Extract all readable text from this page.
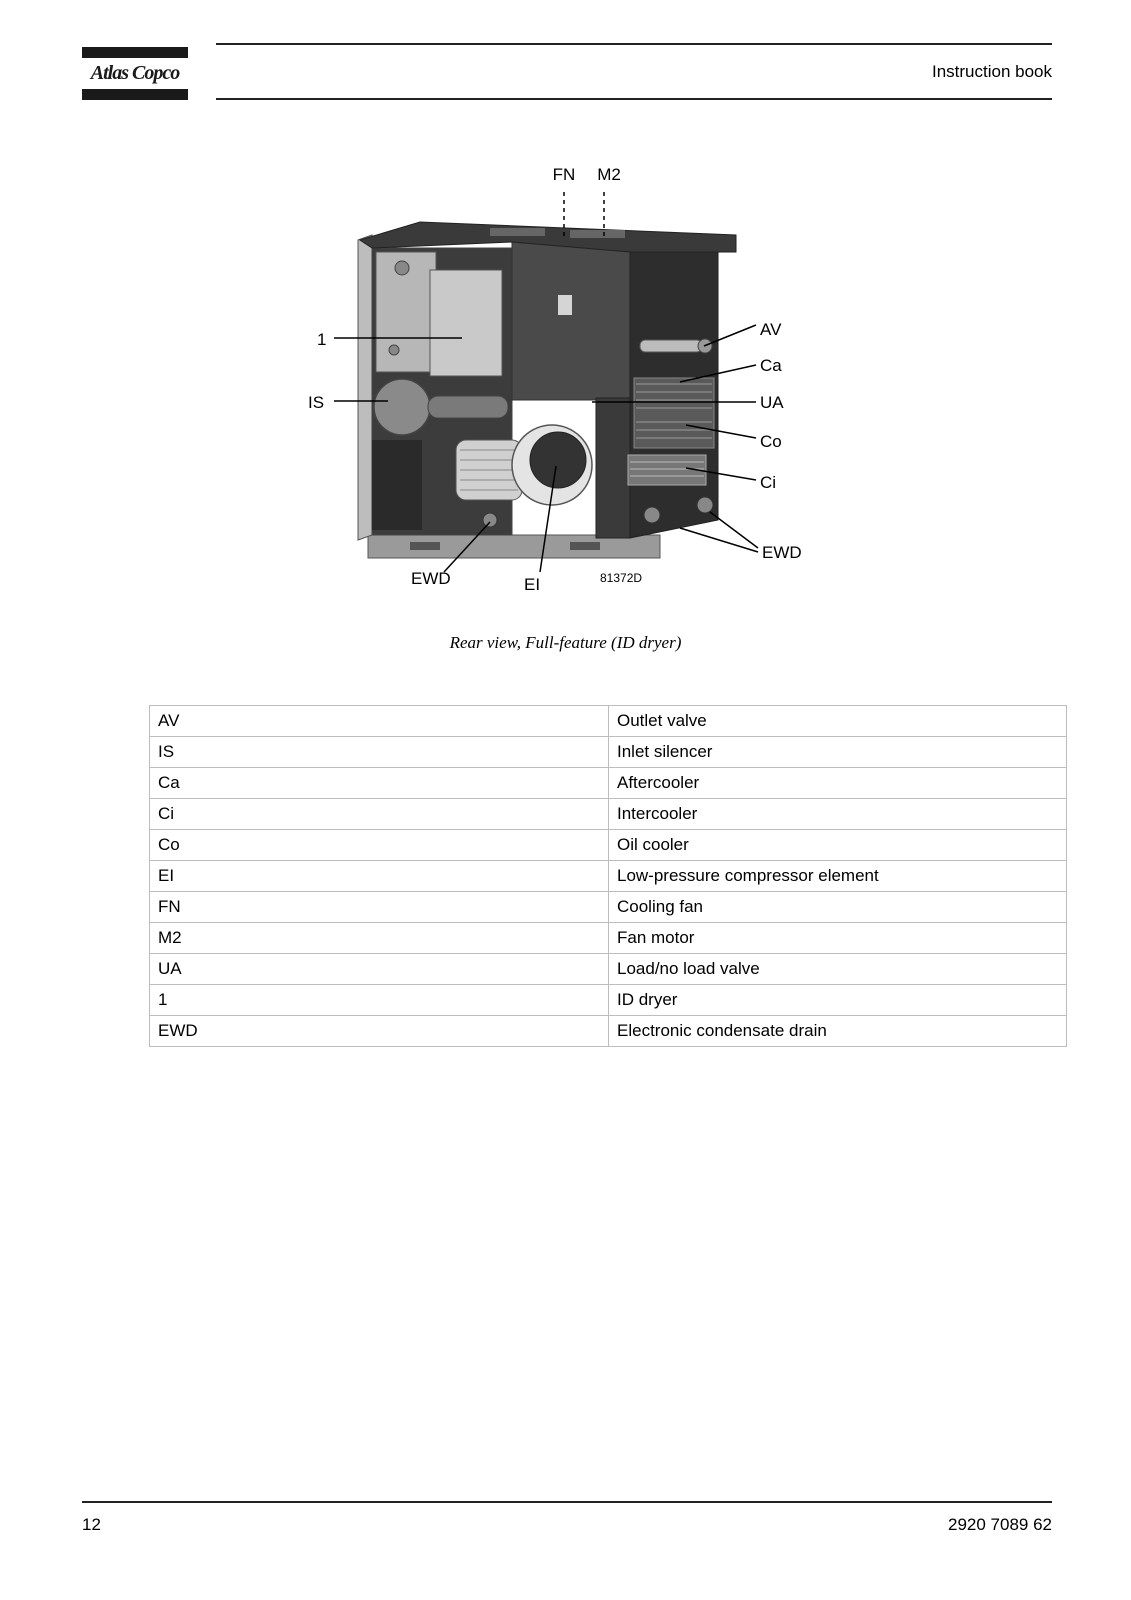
Atlas Copco	Instruction book
FN M2
1
IS
AV
Ca
UA
Co
Ci
EWD
EWD	EI	81372D
Rear view, Full-feature (ID dryer)
AV	Outlet valve
IS	Inlet silencer
Ca	Aftercooler
Ci	Intercooler
Co	Oil cooler
EI	Low-pressure compressor element
FN	Cooling fan
M2	Fan motor
UA	Load/no load valve
1	ID dryer
EWD	Electronic condensate drain
12	2920 7089 62
